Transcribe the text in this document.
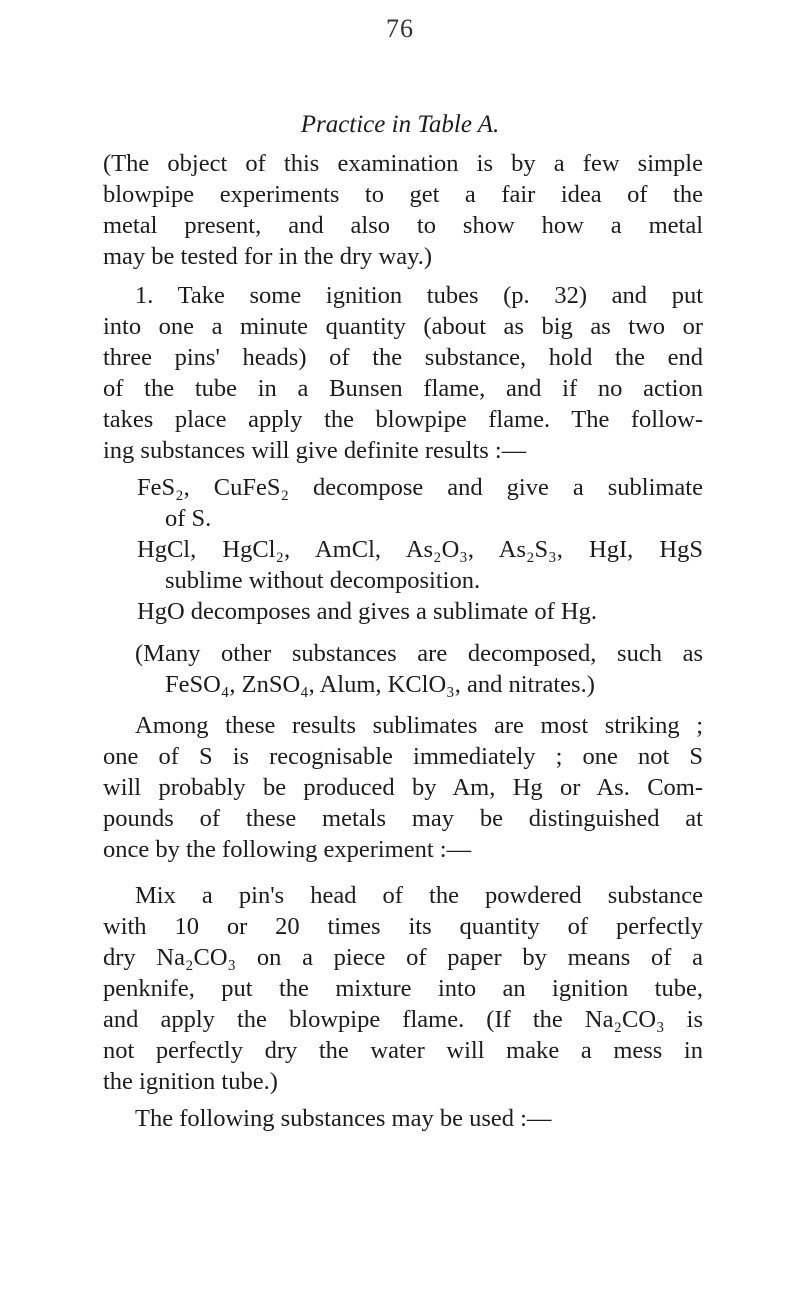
76
Practice in Table A.
(The object of this examination is by a few simple
blowpipe experiments to get a fair idea of the
metal present, and also to show how a metal
may be tested for in the dry way.)
1. Take some ignition tubes (p. 32) and put
into one a minute quantity (about as big as two or
three pins' heads) of the substance, hold the end
of the tube in a Bunsen flame, and if no action
takes place apply the blowpipe flame. The follow-
ing substances will give definite results :—
FeS₂, CuFeS₂ decompose and give a sublimate
of S.
HgCl, HgCl₂, AmCl, As₂O₃, As₂S₃, HgI, HgS
sublime without decomposition.
HgO decomposes and gives a sublimate of Hg.
(Many other substances are decomposed, such as
FeSO₄, ZnSO₄, Alum, KClO₃, and nitrates.)
Among these results sublimates are most striking ;
one of S is recognisable immediately ; one not S
will probably be produced by Am, Hg or As. Com-
pounds of these metals may be distinguished at
once by the following experiment :—
Mix a pin's head of the powdered substance
with 10 or 20 times its quantity of perfectly
dry Na₂CO₃ on a piece of paper by means of a
penknife, put the mixture into an ignition tube,
and apply the blowpipe flame. (If the Na₂CO₃ is
not perfectly dry the water will make a mess in
the ignition tube.)
The following substances may be used :—
